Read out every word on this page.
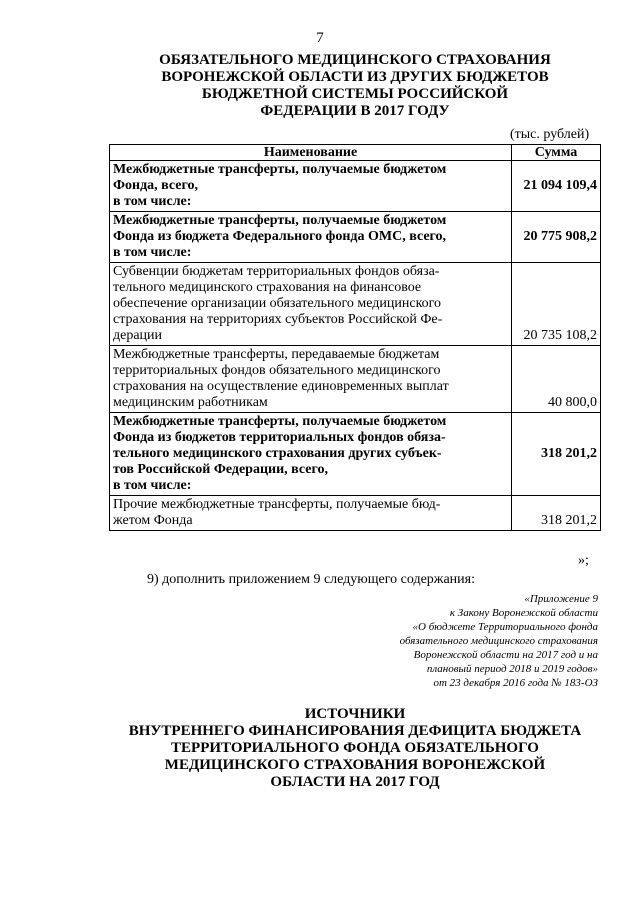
7
ОБЯЗАТЕЛЬНОГО МЕДИЦИНСКОГО СТРАХОВАНИЯ
ВОРОНЕЖСКОЙ ОБЛАСТИ ИЗ ДРУГИХ БЮДЖЕТОВ
БЮДЖЕТНОЙ СИСТЕМЫ РОССИЙСКОЙ
ФЕДЕРАЦИИ В 2017 ГОДУ
(тыс. рублей)
Наименование	Сумма

Межбюджетные трансферты, получаемые бюджетом
Фонда, всего,
в том числе:	21 094 109,4

Межбюджетные трансферты, получаемые бюджетом
Фонда из бюджета Федерального фонда ОМС, всего,
в том числе:	20 775 908,2

Субвенции бюджетам территориальных фондов обяза-
тельного медицинского страхования на финансовое
обеспечение организации обязательного медицинского
страхования на территориях субъектов Российской Фе-
дерации	20 735 108,2

Межбюджетные трансферты, передаваемые бюджетам
территориальных фондов обязательного медицинского
страхования на осуществление единовременных выплат
медицинским работникам	40 800,0

Межбюджетные трансферты, получаемые бюджетом
Фонда из бюджетов территориальных фондов обяза-
тельного медицинского страхования других субъек-
тов Российской Федерации, всего,
в том числе:	318 201,2

Прочие межбюджетные трансферты, получаемые бюд-
жетом Фонда	318 201,2
»;
9) дополнить приложением 9 следующего содержания:
«Приложение 9
к Закону Воронежской области
«О бюджете Территориального фонда
обязательного медицинского страхования
Воронежской области на 2017 год и на
плановый период 2018 и 2019 годов»
от 23 декабря 2016 года № 183-ОЗ
ИСТОЧНИКИ
ВНУТРЕННЕГО ФИНАНСИРОВАНИЯ ДЕФИЦИТА БЮДЖЕТА
ТЕРРИТОРИАЛЬНОГО ФОНДА ОБЯЗАТЕЛЬНОГО
МЕДИЦИНСКОГО СТРАХОВАНИЯ ВОРОНЕЖСКОЙ
ОБЛАСТИ НА 2017 ГОД
